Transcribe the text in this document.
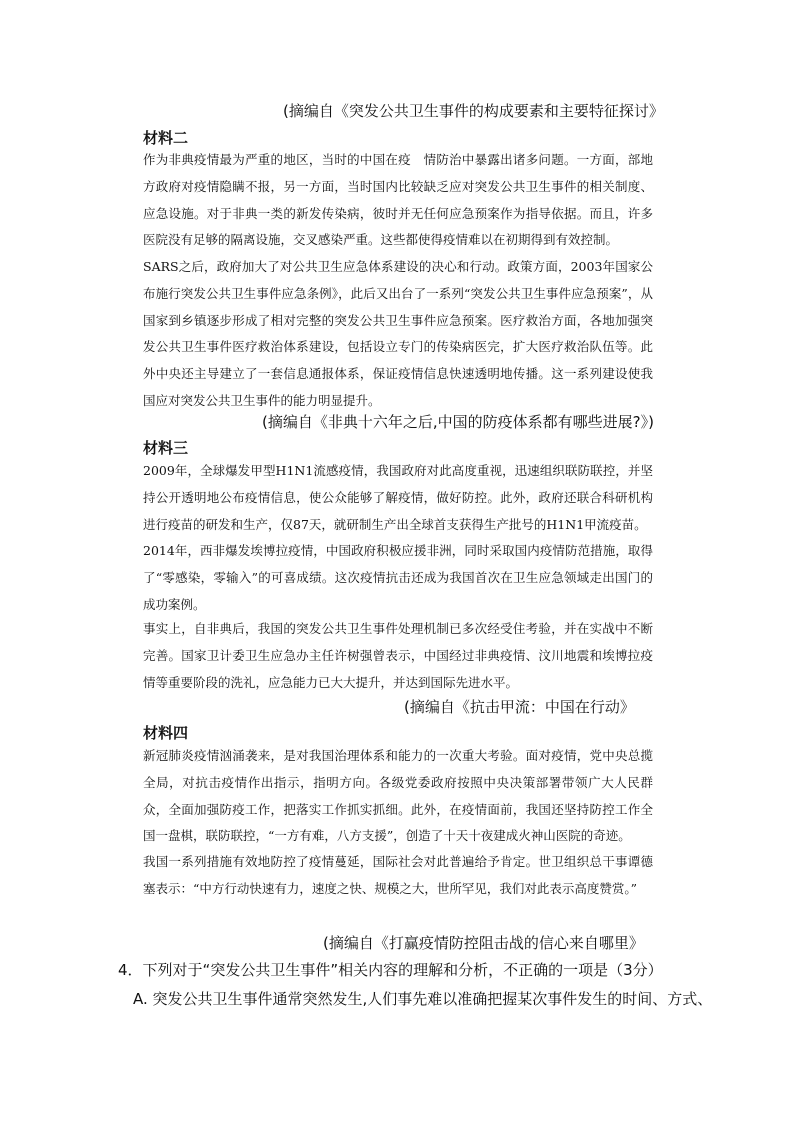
(摘编自《突发公共卫生事件的构成要素和主要特征探讨》
材料二

作为非典疫情最为严重的地区，当时的中国在疫　情防治中暴露出诸多问题。一方面，部地方政府对疫情隐瞒不报，另一方面，当时国内比较缺乏应对突发公共卫生事件的相关制度、应急设施。对于非典一类的新发传染病，彼时并无任何应急预案作为指导依据。而且，许多医院没有足够的隔离设施，交叉感染严重。这些都使得疫情难以在初期得到有效控制。

SARS之后，政府加大了对公共卫生应急体系建设的决心和行动。政策方面，2003年国家公布施行突发公共卫生事件应急条例》，此后又出台了一系列“突发公共卫生事件应急预案”，从国家到乡镇逐步形成了相对完整的突发公共卫生事件应急预案。医疗救治方面，各地加强突发公共卫生事件医疗救治体系建设，包括设立专门的传染病医完，扩大医疗救治队伍等。此外中央还主导建立了一套信息通报体系，保证疫情信息快速透明地传播。这一系列建设使我国应对突发公共卫生事件的能力明显提升。

(摘编自《非典十六年之后,中国的防疫体系都有哪些进展?》)
材料三

2009年，全球爆发甲型H1N1流感疫情，我国政府对此高度重视，迅速组织联防联控，并坚持公开透明地公布疫情信息，使公众能够了解疫情，做好防控。此外，政府还联合科研机构进行疫苗的研发和生产，仅87天，就研制生产出全球首支获得生产批号的H1N1甲流疫苗。

2014年，西非爆发埃博拉疫情，中国政府积极应援非洲，同时采取国内疫情防范措施，取得了“零感染，零输入”的可喜成绩。这次疫情抗击还成为我国首次在卫生应急领域走出国门的成功案例。

事实上，自非典后，我国的突发公共卫生事件处理机制已多次经受住考验，并在实战中不断完善。国家卫计委卫生应急办主任许树强曾表示，中国经过非典疫情、汶川地震和埃博拉疫情等重要阶段的洗礼，应急能力已大大提升，并达到国际先进水平。

(摘编自《抗击甲流：中国在行动》
材料四

新冠肺炎疫情汹涌袭来，是对我国治理体系和能力的一次重大考验。面对疫情，党中央总揽全局，对抗击疫情作出指示，指明方向。各级党委政府按照中央决策部署带领广大人民群众，全面加强防疫工作，把落实工作抓实抓细。此外，在疫情面前，我国还坚持防控工作全国一盘棋，联防联控，“一方有难，八方支援”，创造了十天十夜建成火神山医院的奇迹。

我国一系列措施有效地防控了疫情蔓延，国际社会对此普遍给予肯定。世卫组织总干事谭德塞表示：“中方行动快速有力，速度之快、规模之大，世所罕见，我们对此表示高度赞赏。”

(摘编自《打赢疫情防控阻击战的信心来自哪里》
4．下列对于“突发公共卫生事件”相关内容的理解和分析，不正确的一项是（3分）
A. 突发公共卫生事件通常突然发生,人们事先难以准确把握某次事件发生的时间、方式、
